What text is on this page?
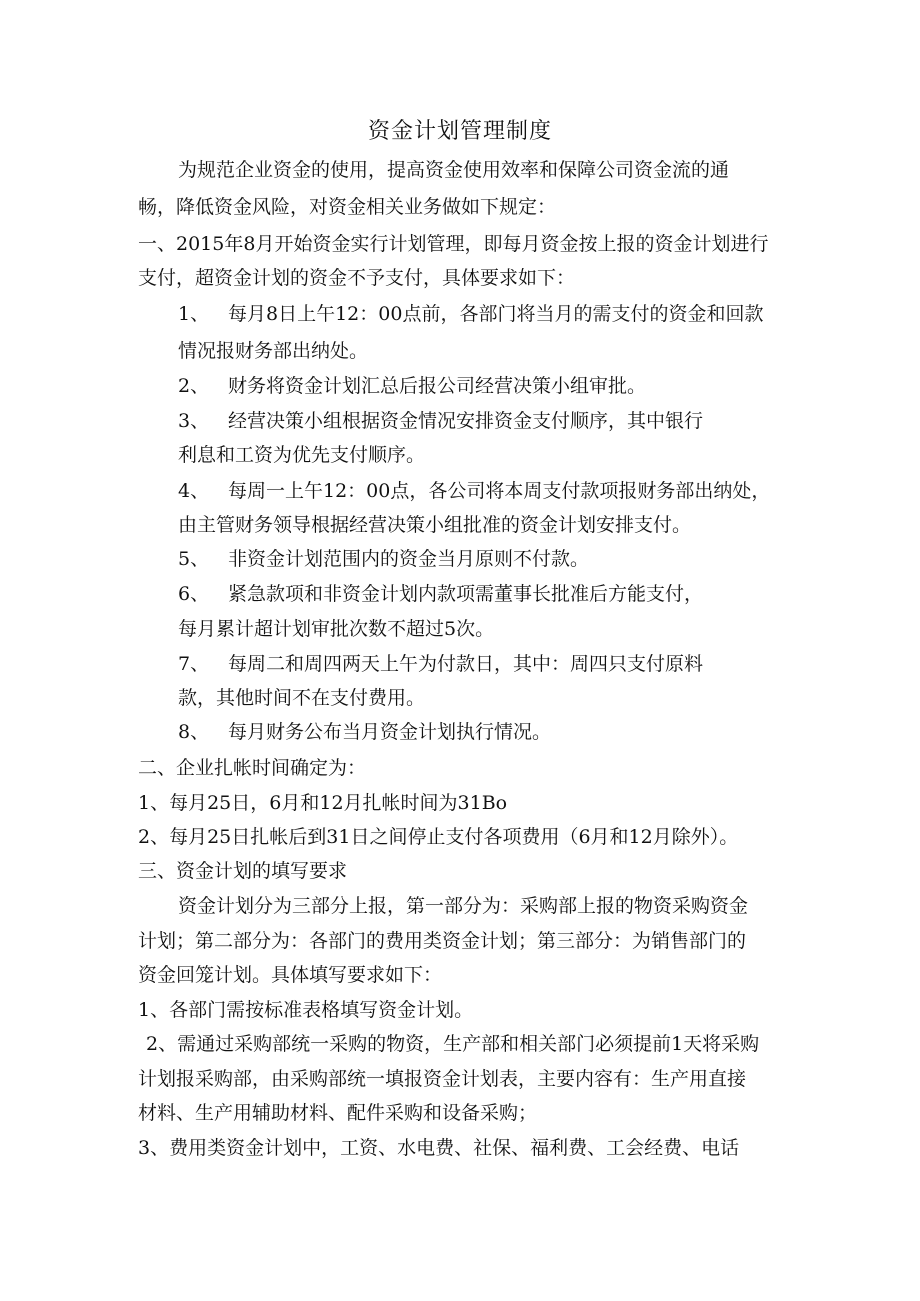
资金计划管理制度
为规范企业资金的使用，提高资金使用效率和保障公司资金流的通
畅，降低资金风险，对资金相关业务做如下规定：
一、2015年8月开始资金实行计划管理，即每月资金按上报的资金计划进行
支付，超资金计划的资金不予支付，具体要求如下：
1、 每月8日上午12：00点前，各部门将当月的需支付的资金和回款
情况报财务部出纳处。
2、 财务将资金计划汇总后报公司经营决策小组审批。
3、 经营决策小组根据资金情况安排资金支付顺序，其中银行
利息和工资为优先支付顺序。
4、 每周一上午12：00点，各公司将本周支付款项报财务部出纳处，
由主管财务领导根据经营决策小组批准的资金计划安排支付。
5、 非资金计划范围内的资金当月原则不付款。
6、 紧急款项和非资金计划内款项需董事长批准后方能支付，
每月累计超计划审批次数不超过5次。
7、 每周二和周四两天上午为付款日，其中：周四只支付原料
款，其他时间不在支付费用。
8、 每月财务公布当月资金计划执行情况。
二、企业扎帐时间确定为：
1、每月25日，6月和12月扎帐时间为31Bo
2、每月25日扎帐后到31日之间停止支付各项费用（6月和12月除外）。
三、资金计划的填写要求
资金计划分为三部分上报，第一部分为：采购部上报的物资采购资金
计划；第二部分为：各部门的费用类资金计划；第三部分：为销售部门的
资金回笼计划。具体填写要求如下：
1、各部门需按标准表格填写资金计划。
2、需通过采购部统一采购的物资，生产部和相关部门必须提前1天将采购
计划报采购部，由采购部统一填报资金计划表，主要内容有：生产用直接
材料、生产用辅助材料、配件采购和设备采购；
3、费用类资金计划中，工资、水电费、社保、福利费、工会经费、电话
